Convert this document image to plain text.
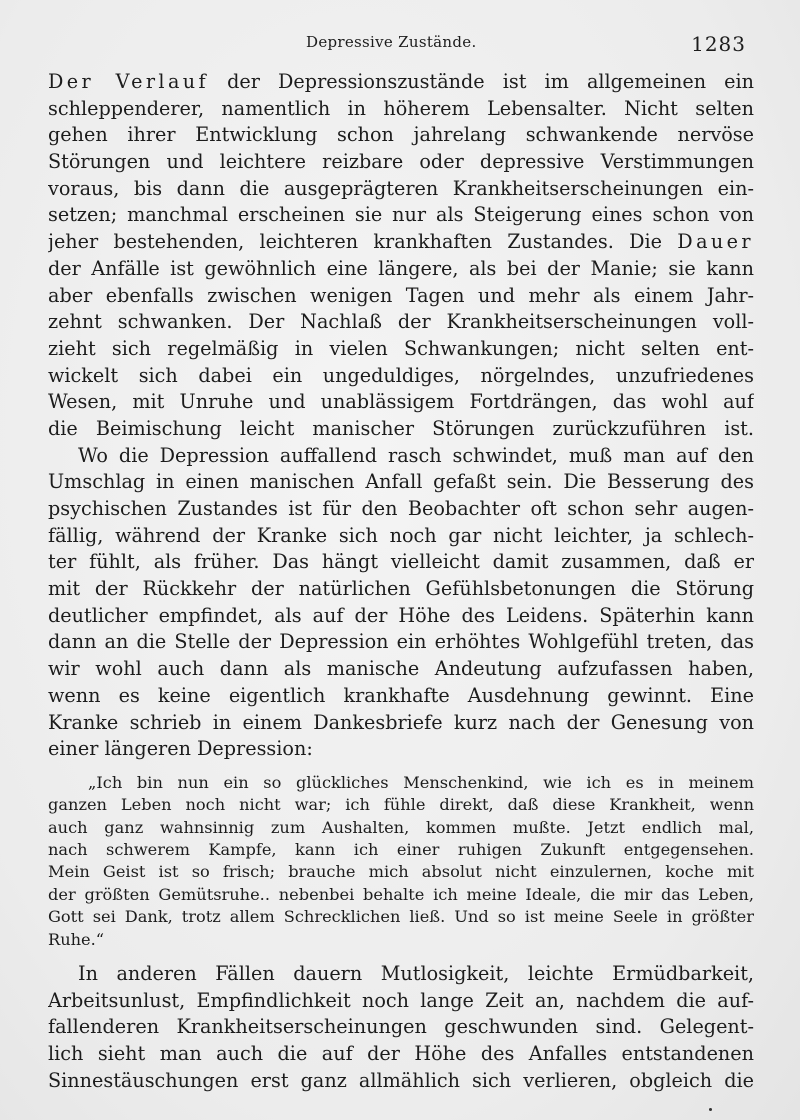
Depressive Zustände.	1283
Der Verlauf der Depressionszustände ist im allgemeinen ein
schleppenderer, namentlich in höherem Lebensalter. Nicht selten
gehen ihrer Entwicklung schon jahrelang schwankende nervöse
Störungen und leichtere reizbare oder depressive Verstimmungen
voraus, bis dann die ausgeprägteren Krankheitserscheinungen ein-
setzen; manchmal erscheinen sie nur als Steigerung eines schon von
jeher bestehenden, leichteren krankhaften Zustandes. Die Dauer
der Anfälle ist gewöhnlich eine längere, als bei der Manie; sie kann
aber ebenfalls zwischen wenigen Tagen und mehr als einem Jahr-
zehnt schwanken. Der Nachlaß der Krankheitserscheinungen voll-
zieht sich regelmäßig in vielen Schwankungen; nicht selten ent-
wickelt sich dabei ein ungeduldiges, nörgelndes, unzufriedenes
Wesen, mit Unruhe und unablässigem Fortdrängen, das wohl auf
die Beimischung leicht manischer Störungen zurückzuführen ist.
Wo die Depression auffallend rasch schwindet, muß man auf den
Umschlag in einen manischen Anfall gefaßt sein. Die Besserung des
psychischen Zustandes ist für den Beobachter oft schon sehr augen-
fällig, während der Kranke sich noch gar nicht leichter, ja schlech-
ter fühlt, als früher. Das hängt vielleicht damit zusammen, daß er
mit der Rückkehr der natürlichen Gefühlsbetonungen die Störung
deutlicher empfindet, als auf der Höhe des Leidens. Späterhin kann
dann an die Stelle der Depression ein erhöhtes Wohlgefühl treten, das
wir wohl auch dann als manische Andeutung aufzufassen haben,
wenn es keine eigentlich krankhafte Ausdehnung gewinnt. Eine
Kranke schrieb in einem Dankesbriefe kurz nach der Genesung von
einer längeren Depression:
„Ich bin nun ein so glückliches Menschenkind, wie ich es in meinem
ganzen Leben noch nicht war; ich fühle direkt, daß diese Krankheit, wenn
auch ganz wahnsinnig zum Aushalten, kommen mußte. Jetzt endlich mal,
nach schwerem Kampfe, kann ich einer ruhigen Zukunft entgegensehen.
Mein Geist ist so frisch; brauche mich absolut nicht einzulernen, koche mit
der größten Gemütsruhe.. nebenbei behalte ich meine Ideale, die mir das Leben,
Gott sei Dank, trotz allem Schrecklichen ließ. Und so ist meine Seele in größter
Ruhe.“
In anderen Fällen dauern Mutlosigkeit, leichte Ermüdbarkeit,
Arbeitsunlust, Empfindlichkeit noch lange Zeit an, nachdem die auf-
fallenderen Krankheitserscheinungen geschwunden sind. Gelegent-
lich sieht man auch die auf der Höhe des Anfalles entstandenen
Sinnestäuschungen erst ganz allmählich sich verlieren, obgleich die
